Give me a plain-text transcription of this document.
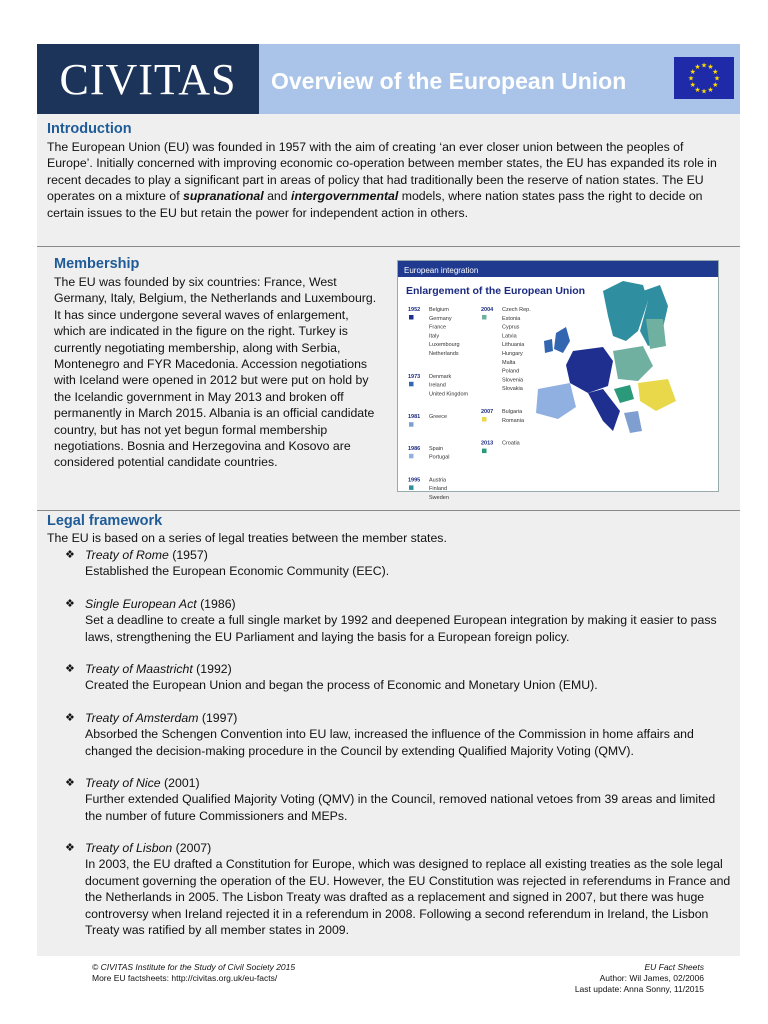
CIVITAS	Overview of the European Union	★
★
★
★
★
★
★
★
★ ★ ★
★
Introduction
The European Union (EU) was founded in 1957 with the aim of creating ‘an ever closer union between the peoples of Europe’. Initially concerned with improving economic co-operation between member states, the EU has expanded its role in recent decades to play a significant part in areas of policy that had traditionally been the reserve of nation states. The EU operates on a mixture of supranational and intergovernmental models, where nation states pass the right to decide on certain issues to the EU but retain the power for independent action in others.
Membership
The EU was founded by six countries: France, West Germany, Italy, Belgium, the Netherlands and Luxembourg. It has since undergone several waves of enlargement, which are indicated in the figure on the right. Turkey is currently negotiating membership, along with Serbia, Montenegro and FYR Macedonia. Accession negotiations with Iceland were opened in 2012 but were put on hold by the Icelandic government in May 2013 and broken off permanently in March 2015. Albania is an official candidate country, but has not yet begun formal membership negotiations. Bosnia and Herzegovina and Kosovo are considered potential candidate countries.
European integration
Enlargement of the European Union
1952 Belgium
Germany
France
Italy
Luxembourg
Netherlands
1973 Denmark
Ireland
United Kingdom
1981 Greece
1986 Spain
Portugal
1995 Austria
Finland
Sweden
2004 Czech Rep.
Estonia
Cyprus
Latvia
Lithuania
Hungary
Malta
Poland
Slovenia
Slovakia
2007 Bulgaria
Romania
2013 Croatia
Legal framework
The EU is based on a series of legal treaties between the member states.
❖ Treaty of Rome (1957)
Established the European Economic Community (EEC).
❖ Single European Act (1986)
Set a deadline to create a full single market by 1992 and deepened European integration by making it easier to pass laws, strengthening the EU Parliament and laying the basis for a European foreign policy.
❖ Treaty of Maastricht (1992)
Created the European Union and began the process of Economic and Monetary Union (EMU).
❖ Treaty of Amsterdam (1997)
Absorbed the Schengen Convention into EU law, increased the influence of the Commission in home affairs and changed the decision-making procedure in the Council by extending Qualified Majority Voting (QMV).
❖ Treaty of Nice (2001)
Further extended Qualified Majority Voting (QMV) in the Council, removed national vetoes from 39 areas and limited the number of future Commissioners and MEPs.
❖ Treaty of Lisbon (2007)
In 2003, the EU drafted a Constitution for Europe, which was designed to replace all existing treaties as the sole legal document governing the operation of the EU. However, the EU Constitution was rejected in referendums in France and the Netherlands in 2005. The Lisbon Treaty was drafted as a replacement and signed in 2007, but there was huge controversy when Ireland rejected it in a referendum in 2008. Following a second referendum in Ireland, the Lisbon Treaty was ratified by all member states in 2009.
© CIVITAS Institute for the Study of Civil Society 2015
More EU factsheets: http://civitas.org.uk/eu-facts/
EU Fact Sheets
Author: Wil James, 02/2006
Last update: Anna Sonny, 11/2015
